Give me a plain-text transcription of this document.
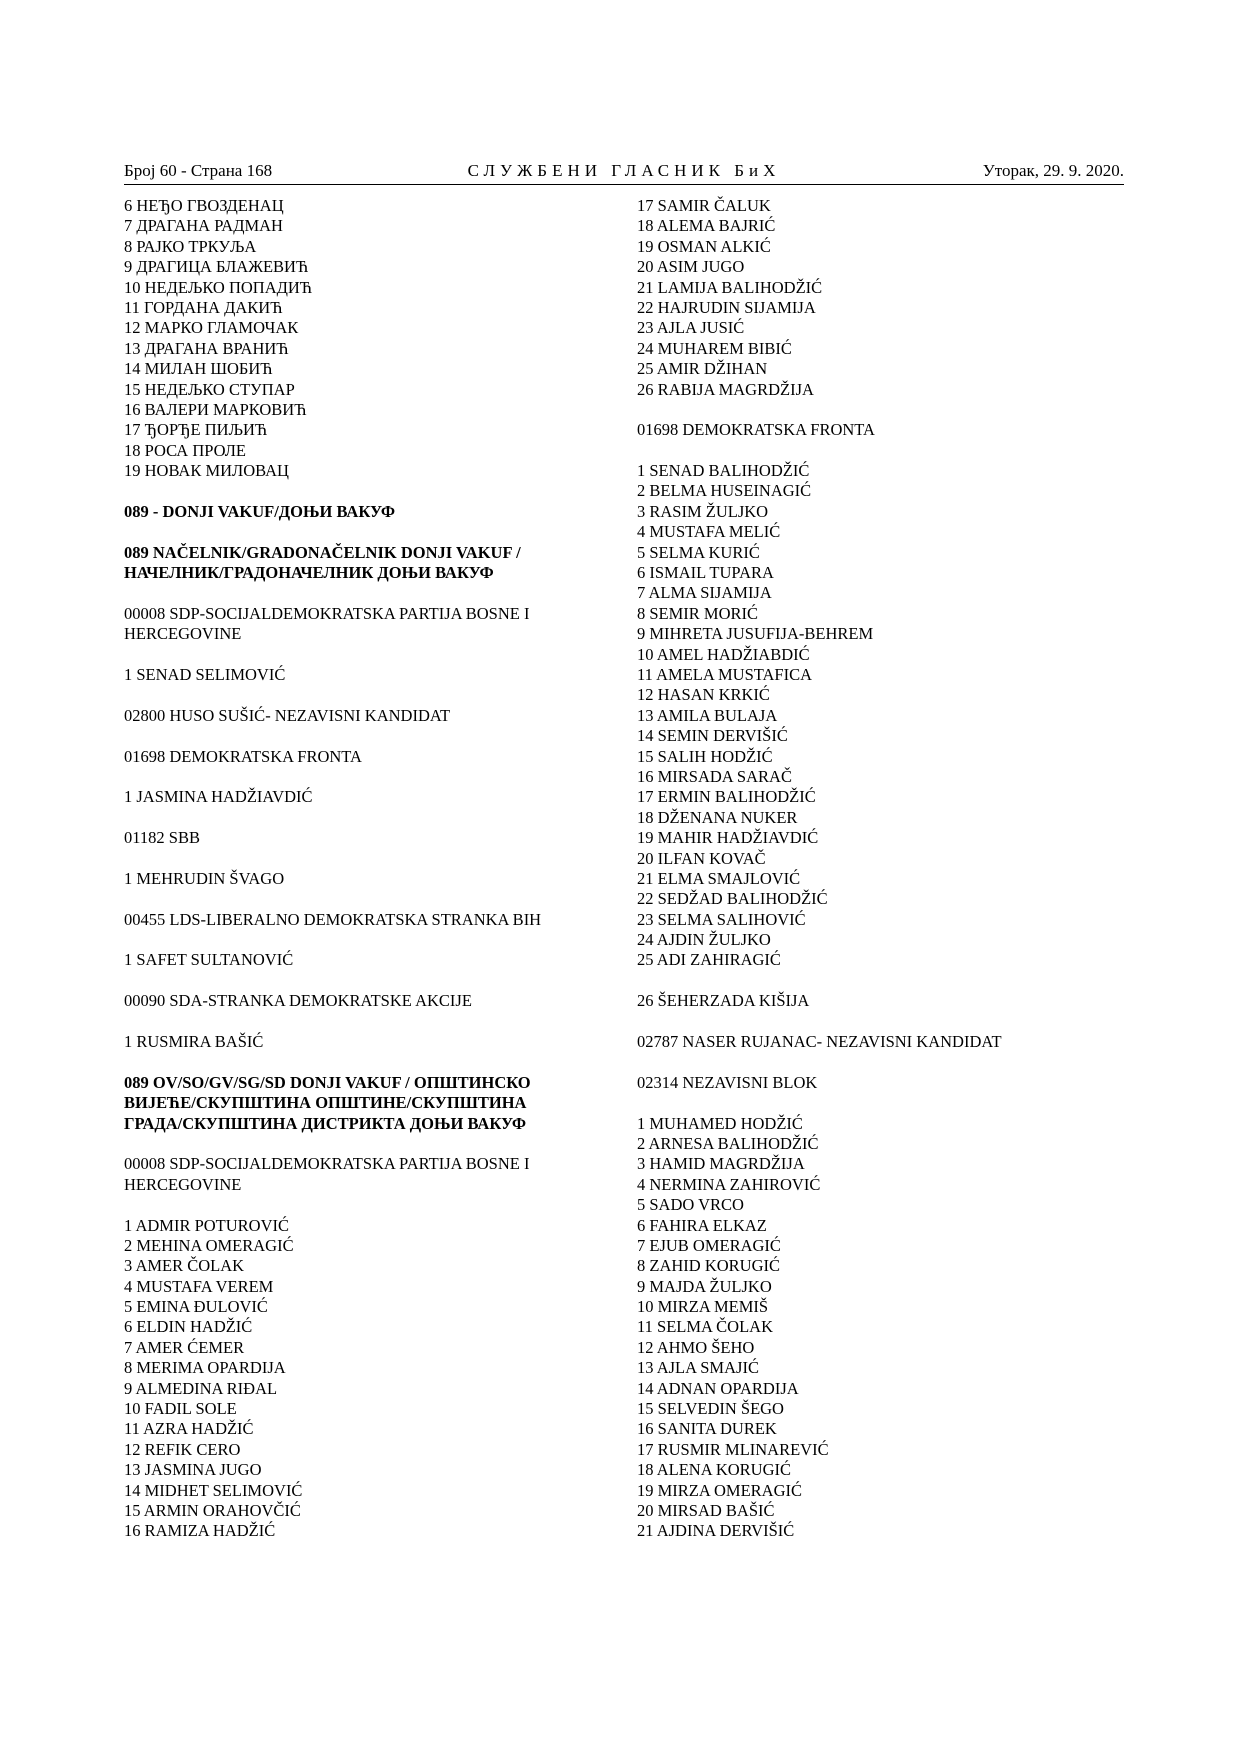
Број 60 - Страна 168	СЛУЖБЕНИ ГЛАСНИК БиХ	Уторак, 29. 9. 2020.
6 НЕЂО ГВОЗДЕНАЦ
7 ДРАГАНА РАДМАН
8 РАЈКО ТРКУЉА
9 ДРАГИЦА БЛАЖЕВИЋ
10 НЕДЕЉКО ПОПАДИЋ
11 ГОРДАНА ДАКИЋ
12 МАРКО ГЛАМОЧАК
13 ДРАГАНА ВРАНИЋ
14 МИЛАН ШОБИЋ
15 НЕДЕЉКО СТУПАР
16 ВАЛЕРИ МАРКОВИЋ
17 ЂОРЂЕ ПИЉИЋ
18 РОСА ПРОЛЕ
19 НОВАК МИЛОВАЦ
089 - DONJI VAKUF/ДОЊИ ВАКУФ
089 NAČELNIK/GRADONAČELNIK DONJI VAKUF /
НАЧЕЛНИК/ГРАДОНАЧЕЛНИК ДОЊИ ВАКУФ
00008 SDP-SOCIJALDEMOKRATSKA PARTIJA BOSNE I
HERCEGOVINE
1 SENAD SELIMOVIĆ
02800 HUSO SUŠIĆ- NEZAVISNI KANDIDAT
01698 DEMOKRATSKA FRONTA
1 JASMINA HADŽIAVDIĆ
01182 SBB
1 MEHRUDIN ŠVAGO
00455 LDS-LIBERALNO DEMOKRATSKA STRANKA BIH
1 SAFET SULTANOVIĆ
00090 SDA-STRANKA DEMOKRATSKE AKCIJE
1 RUSMIRA BAŠIĆ
089 OV/SO/GV/SG/SD DONJI VAKUF / ОПШТИНСКО
ВИЈЕЋЕ/СКУПШТИНА ОПШТИНЕ/СКУПШТИНА
ГРАДА/СКУПШТИНА ДИСТРИКТА ДОЊИ ВАКУФ
00008 SDP-SOCIJALDEMOKRATSKA PARTIJA BOSNE I
HERCEGOVINE
1 ADMIR POTUROVIĆ
2 MEHINA OMERAGIĆ
3 AMER ČOLAK
4 MUSTAFA VEREM
5 EMINA ĐULOVIĆ
6 ELDIN HADŽIĆ
7 AMER ĆEMER
8 MERIMA OPARDIJA
9 ALMEDINA RIĐAL
10 FADIL SOLE
11 AZRA HADŽIĆ
12 REFIK CERO
13 JASMINA JUGO
14 MIDHET SELIMOVIĆ
15 ARMIN ORAHOVČIĆ
16 RAMIZA HADŽIĆ
17 SAMIR ČALUK
18 ALEMA BAJRIĆ
19 OSMAN ALKIĆ
20 ASIM JUGO
21 LAMIJA BALIHODŽIĆ
22 HAJRUDIN SIJAMIJA
23 AJLA JUSIĆ
24 MUHAREM BIBIĆ
25 AMIR DŽIHAN
26 RABIJA MAGRDŽIJA
01698 DEMOKRATSKA FRONTA
1 SENAD BALIHODŽIĆ
2 BELMA HUSEINAGIĆ
3 RASIM ŽULJKO
4 MUSTAFA MELIĆ
5 SELMA KURIĆ
6 ISMAIL TUPARA
7 ALMA SIJAMIJA
8 SEMIR MORIĆ
9 MIHRETA JUSUFIJA-BEHREM
10 AMEL HADŽIABDIĆ
11 AMELA MUSTAFICA
12 HASAN KRKIĆ
13 AMILA BULAJA
14 SEMIN DERVIŠIĆ
15 SALIH HODŽIĆ
16 MIRSADA SARAČ
17 ERMIN BALIHODŽIĆ
18 DŽENANA NUKER
19 MAHIR HADŽIAVDIĆ
20 ILFAN KOVAČ
21 ELMA SMAJLOVIĆ
22 SEDŽAD BALIHODŽIĆ
23 SELMA SALIHOVIĆ
24 AJDIN ŽULJKO
25 ADI ZAHIRAGIĆ
26 ŠEHERZADA KIŠIJA
02787 NASER RUJANAC- NEZAVISNI KANDIDAT
02314 NEZAVISNI BLOK
1 MUHAMED HODŽIĆ
2 ARNESA BALIHODŽIĆ
3 HAMID MAGRDŽIJA
4 NERMINA ZAHIROVIĆ
5 SADO VRCO
6 FAHIRA ELKAZ
7 EJUB OMERAGIĆ
8 ZAHID KORUGIĆ
9 MAJDA ŽULJKO
10 MIRZA MEMIŠ
11 SELMA ČOLAK
12 AHMO ŠEHO
13 AJLA SMAJIĆ
14 ADNAN OPARDIJA
15 SELVEDIN ŠEGO
16 SANITA DUREK
17 RUSMIR MLINAREVIĆ
18 ALENA KORUGIĆ
19 MIRZA OMERAGIĆ
20 MIRSAD BAŠIĆ
21 AJDINA DERVIŠIĆ
